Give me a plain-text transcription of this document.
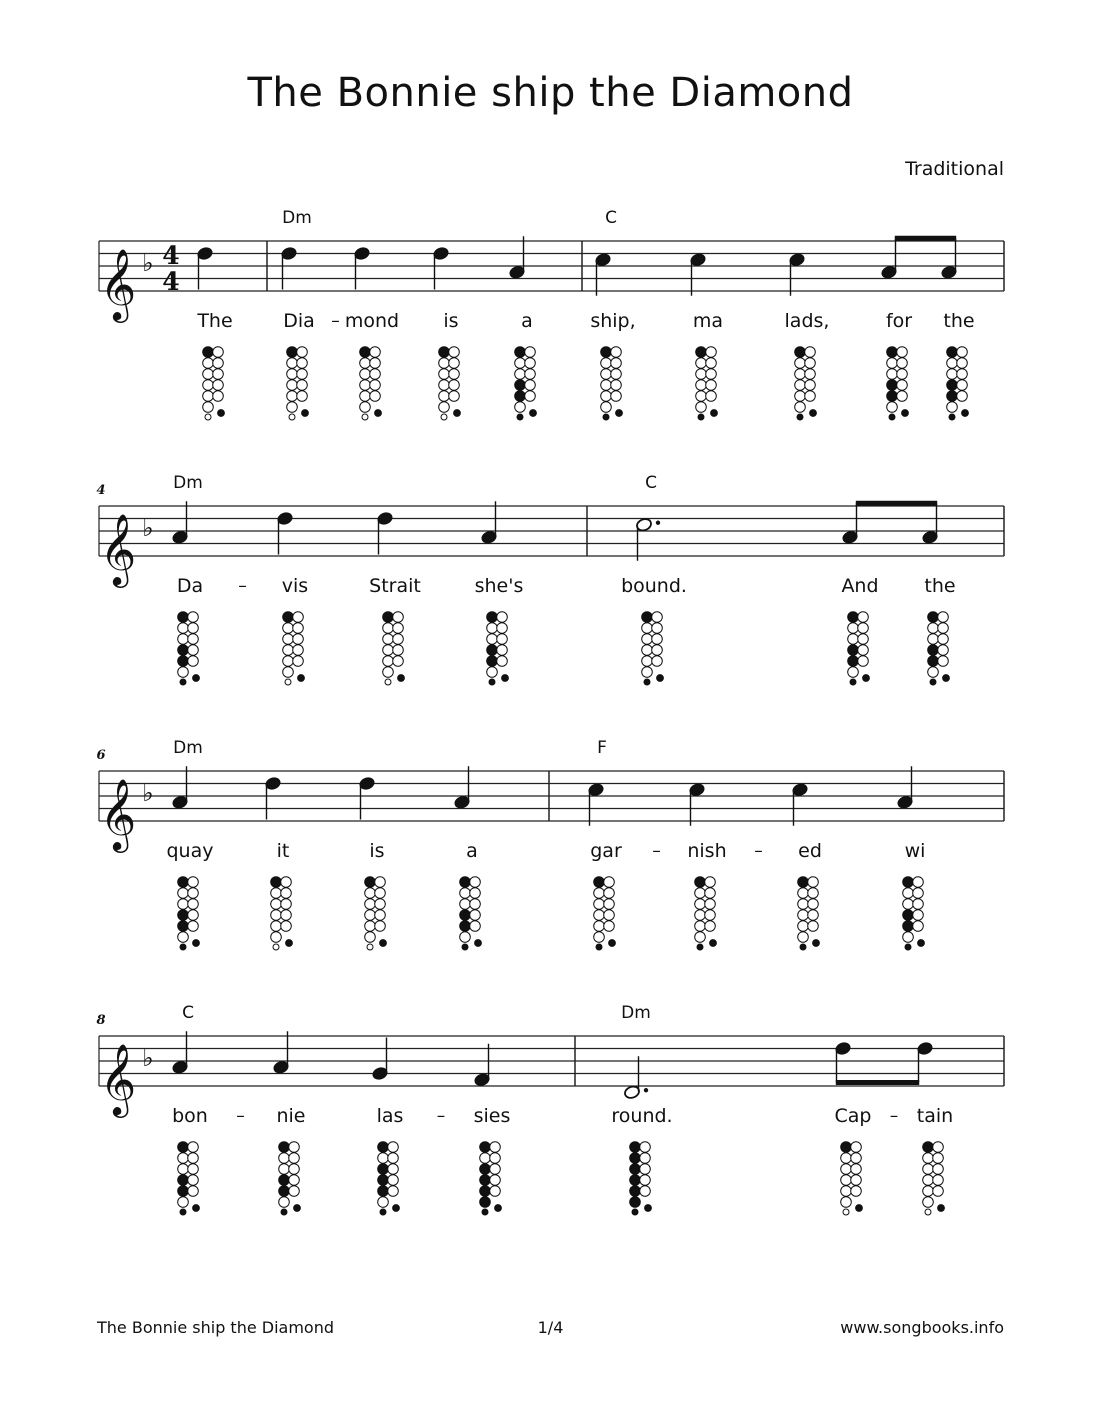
The Bonnie ship the Diamond
Traditional
𝄞 ♭ 4
4
Dm	C
The	Dia mond is	a	ship,	ma	lads,	for the
–
𝄞 ♭
4	Dm	C
Da	vis	Strait	she's	bound.	And the
–
𝄞 ♭
6	Dm	F
quay	it	is	a	gar	nish	ed	wi
–	–
𝄞 ♭
8	C	Dm
bon	nie	las	sies	round.	Cap tain
–	–	–
The Bonnie ship the Diamond	1/4	www.songbooks.info
